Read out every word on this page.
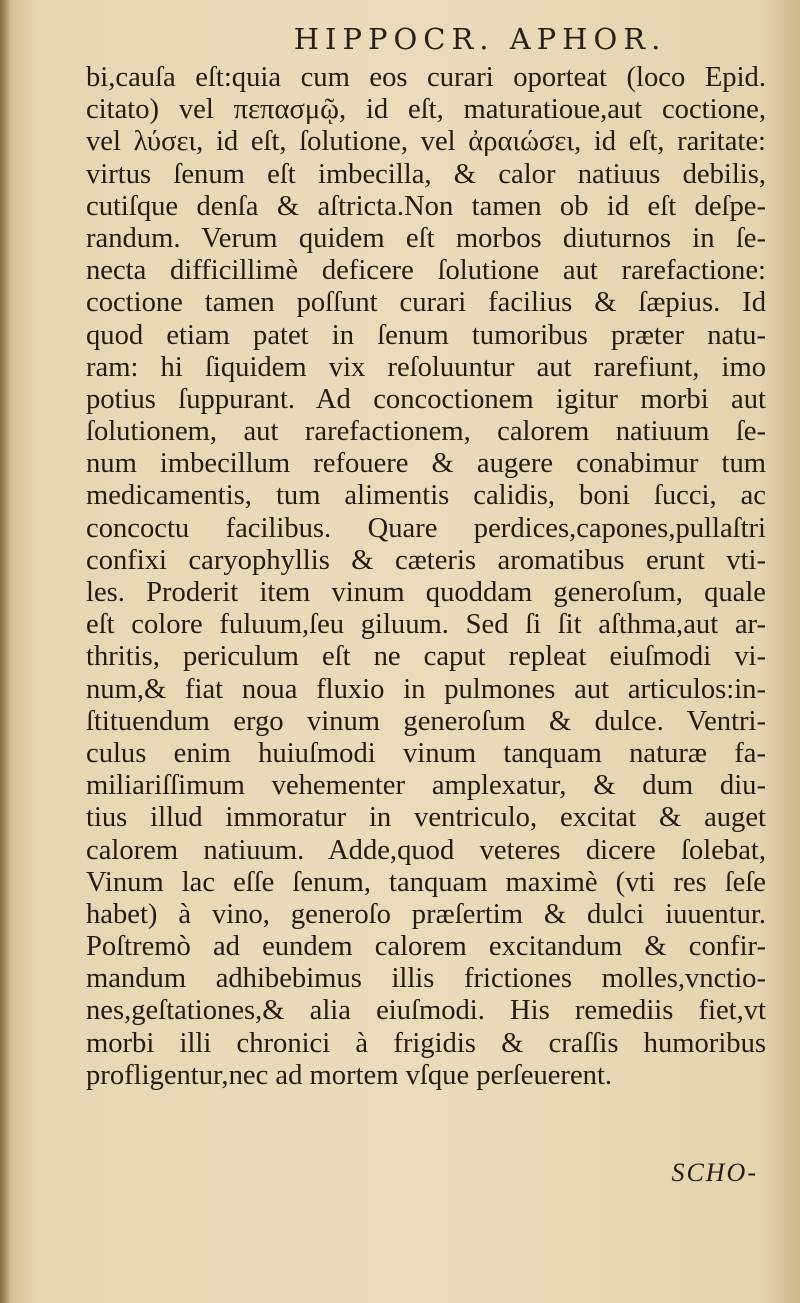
HIPPOCR. APHOR.
bi,cauſa eſt:quia cum eos curari oporteat (loco Epid.
citato) vel πεπασμῷ, id eſt, maturatioue,aut coctione,
vel λύσει, id eſt, ſolutione, vel ἀραιώσει, id eſt, raritate:
virtus ſenum eſt imbecilla, & calor natiuus debilis,
cutiſque denſa & aſtricta.Non tamen ob id eſt deſpe-
randum. Verum quidem eſt morbos diuturnos in ſe-
necta difficillimè deficere ſolutione aut rarefactione:
coctione tamen poſſunt curari facilius & ſæpius. Id
quod etiam patet in ſenum tumoribus præter natu-
ram: hi ſiquidem vix reſoluuntur aut rarefiunt, imo
potius ſuppurant. Ad concoctionem igitur morbi aut
ſolutionem, aut rarefactionem, calorem natiuum ſe-
num imbecillum refouere & augere conabimur tum
medicamentis, tum alimentis calidis, boni ſucci, ac
concoctu facilibus. Quare perdices,capones,pullaſtri
confixi caryophyllis & cæteris aromatibus erunt vti-
les. Proderit item vinum quoddam generoſum, quale
eſt colore fuluum,ſeu giluum. Sed ſi ſit aſthma,aut ar-
thritis, periculum eſt ne caput repleat eiuſmodi vi-
num,& fiat noua fluxio in pulmones aut articulos:in-
ſtituendum ergo vinum generoſum & dulce. Ventri-
culus enim huiuſmodi vinum tanquam naturæ fa-
miliariſſimum vehementer amplexatur, & dum diu-
tius illud immoratur in ventriculo, excitat & auget
calorem natiuum. Adde,quod veteres dicere ſolebat,
Vinum lac eſſe ſenum, tanquam maximè (vti res ſeſe
habet) à vino, generoſo præſertim & dulci iuuentur.
Poſtremò ad eundem calorem excitandum & confir-
mandum adhibebimus illis frictiones molles,vnctio-
nes,geſtationes,& alia eiuſmodi. His remediis fiet,vt
morbi illi chronici à frigidis & craſſis humoribus
profligentur,nec ad mortem vſque perſeuerent.
SCHO-
